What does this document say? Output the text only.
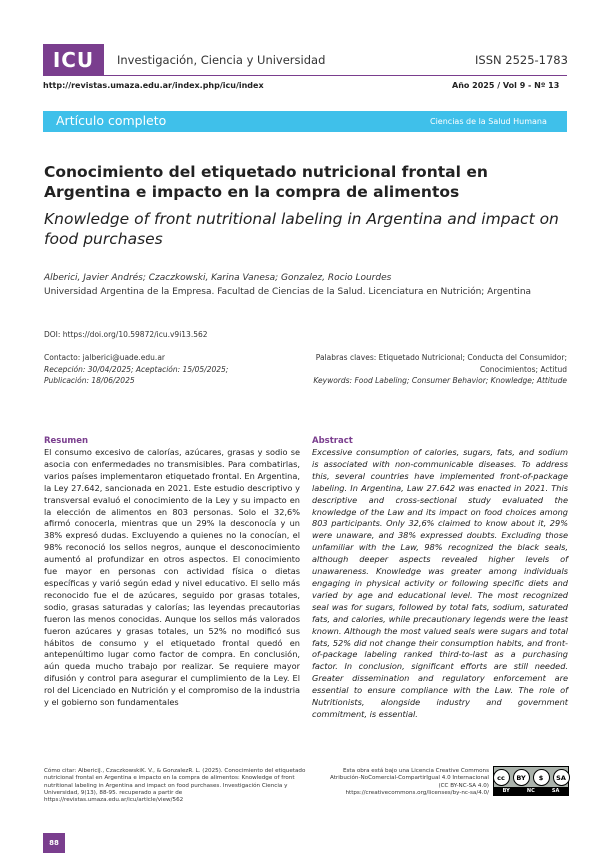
ICU	Investigación, Ciencia y Universidad	ISSN 2525-1783
http://revistas.umaza.edu.ar/index.php/icu/index	Año 2025 / Vol 9 - Nº 13
Artículo completo	Ciencias de la Salud Humana
Conocimiento del etiquetado nutricional frontal en Argentina e impacto en la compra de alimentos
Knowledge of front nutritional labeling in Argentina and impact on food purchases
Alberici, Javier Andrés; Czaczkowski, Karina Vanesa; Gonzalez, Rocio Lourdes
Universidad Argentina de la Empresa. Facultad de Ciencias de la Salud. Licenciatura en Nutrición; Argentina
DOI: https://doi.org/10.59872/icu.v9i13.562
Contacto: jalberici@uade.edu.ar
Recepción: 30/04/2025; Aceptación: 15/05/2025;
Publicación: 18/06/2025
Palabras claves: Etiquetado Nutricional; Conducta del Consumidor;
Conocimientos; Actitud
Keywords: Food Labeling; Consumer Behavior; Knowledge; Attitude
Resumen
El consumo excesivo de calorías, azúcares, grasas y sodio se asocia con enfermedades no transmisibles. Para combatirlas, varios países implementaron etiquetado frontal. En Argentina, la Ley 27.642, sancionada en 2021. Este estudio descriptivo y transversal evaluó el conocimiento de la Ley y su impacto en la elección de alimentos en 803 personas. Solo el 32,6% afirmó conocerla, mientras que un 29% la desconocía y un 38% expresó dudas. Excluyendo a quienes no la conocían, el 98% reconoció los sellos negros, aunque el desconocimiento aumentó al profundizar en otros aspectos. El conocimiento fue mayor en personas con actividad física o dietas específicas y varió según edad y nivel educativo. El sello más reconocido fue el de azúcares, seguido por grasas totales, sodio, grasas saturadas y calorías; las leyendas precautorias fueron las menos conocidas. Aunque los sellos más valorados fueron azúcares y grasas totales, un 52% no modificó sus hábitos de consumo y el etiquetado frontal quedó en antepenúltimo lugar como factor de compra. En conclusión, aún queda mucho trabajo por realizar. Se requiere mayor difusión y control para asegurar el cumplimiento de la Ley. El rol del Licenciado en Nutrición y el compromiso de la industria y el gobierno son fundamentales
Abstract
Excessive consumption of calories, sugars, fats, and sodium is associated with non-communicable diseases. To address this, several countries have implemented front-of-package labeling. In Argentina, Law 27.642 was enacted in 2021. This descriptive and cross-sectional study evaluated the knowledge of the Law and its impact on food choices among 803 participants. Only 32,6% claimed to know about it, 29% were unaware, and 38% expressed doubts. Excluding those unfamiliar with the Law, 98% recognized the black seals, although deeper aspects revealed higher levels of unawareness. Knowledge was greater among individuals engaging in physical activity or following specific diets and varied by age and educational level. The most recognized seal was for sugars, followed by total fats, sodium, saturated fats, and calories, while precautionary legends were the least known. Although the most valued seals were sugars and total fats, 52% did not change their consumption habits, and front-of-package labeling ranked third-to-last as a purchasing factor. In conclusion, significant efforts are still needed. Greater dissemination and regulatory enforcement are essential to ensure compliance with the Law. The role of Nutritionists, alongside industry and government commitment, is essential.
Cómo citar: AlbericiJ., CzaczkowskiK. V., & GonzalezR. L. (2025). Conocimiento del etiquetado nutricional frontal en Argentina e impacto en la compra de alimentos: Knowledge of front nutritional labeling in Argentina and impact on food purchases. Investigación Ciencia y Universidad, 9(13), 88-95. recuperado a partir de https://revistas.umaza.edu.ar/icu/article/view/562
Esta obra está bajo una Licencia Creative Commons
Atribución-NoComercial-CompartirIgual 4.0 Internacional
(CC BY-NC-SA 4.0)
https://creativecommons.org/licenses/by-nc-sa/4.0/
cc	BY	$	SA
BY	NC	SA
88
